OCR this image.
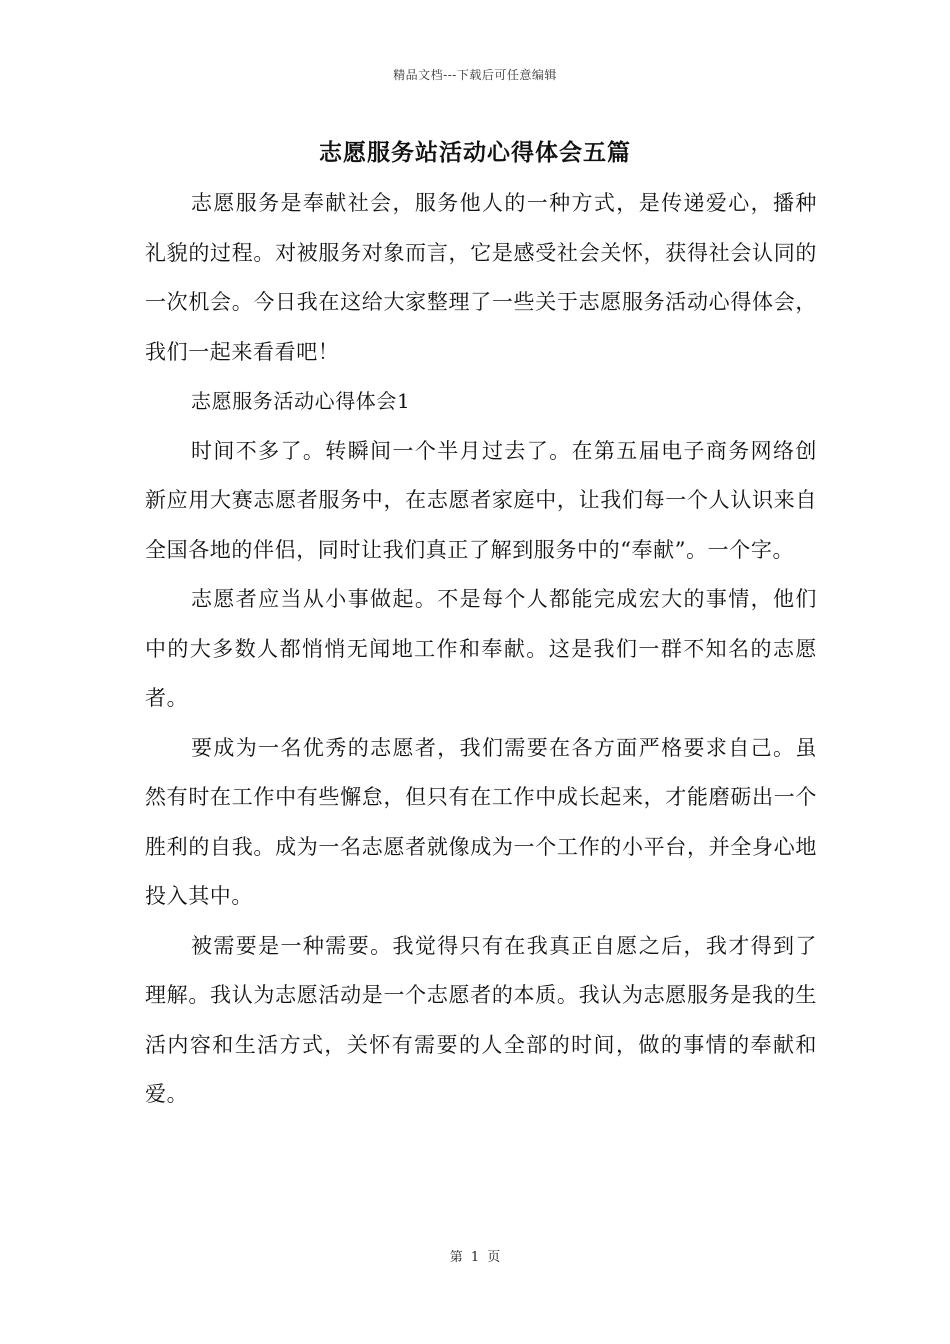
精品文档---下载后可任意编辑
志愿服务站活动心得体会五篇

志愿服务是奉献社会，服务他人的一种方式，是传递爱心，播种礼貌的过程。对被服务对象而言，它是感受社会关怀，获得社会认同的一次机会。今日我在这给大家整理了一些关于志愿服务活动心得体会，我们一起来看看吧！

志愿服务活动心得体会1

时间不多了。转瞬间一个半月过去了。在第五届电子商务网络创新应用大赛志愿者服务中，在志愿者家庭中，让我们每一个人认识来自全国各地的伴侣，同时让我们真正了解到服务中的“奉献”。一个字。

志愿者应当从小事做起。不是每个人都能完成宏大的事情，他们中的大多数人都悄悄无闻地工作和奉献。这是我们一群不知名的志愿者。

要成为一名优秀的志愿者，我们需要在各方面严格要求自己。虽然有时在工作中有些懈怠，但只有在工作中成长起来，才能磨砺出一个胜利的自我。成为一名志愿者就像成为一个工作的小平台，并全身心地投入其中。

被需要是一种需要。我觉得只有在我真正自愿之后，我才得到了理解。我认为志愿活动是一个志愿者的本质。我认为志愿服务是我的生活内容和生活方式，关怀有需要的人全部的时间，做的事情的奉献和爱。

第 1 页
